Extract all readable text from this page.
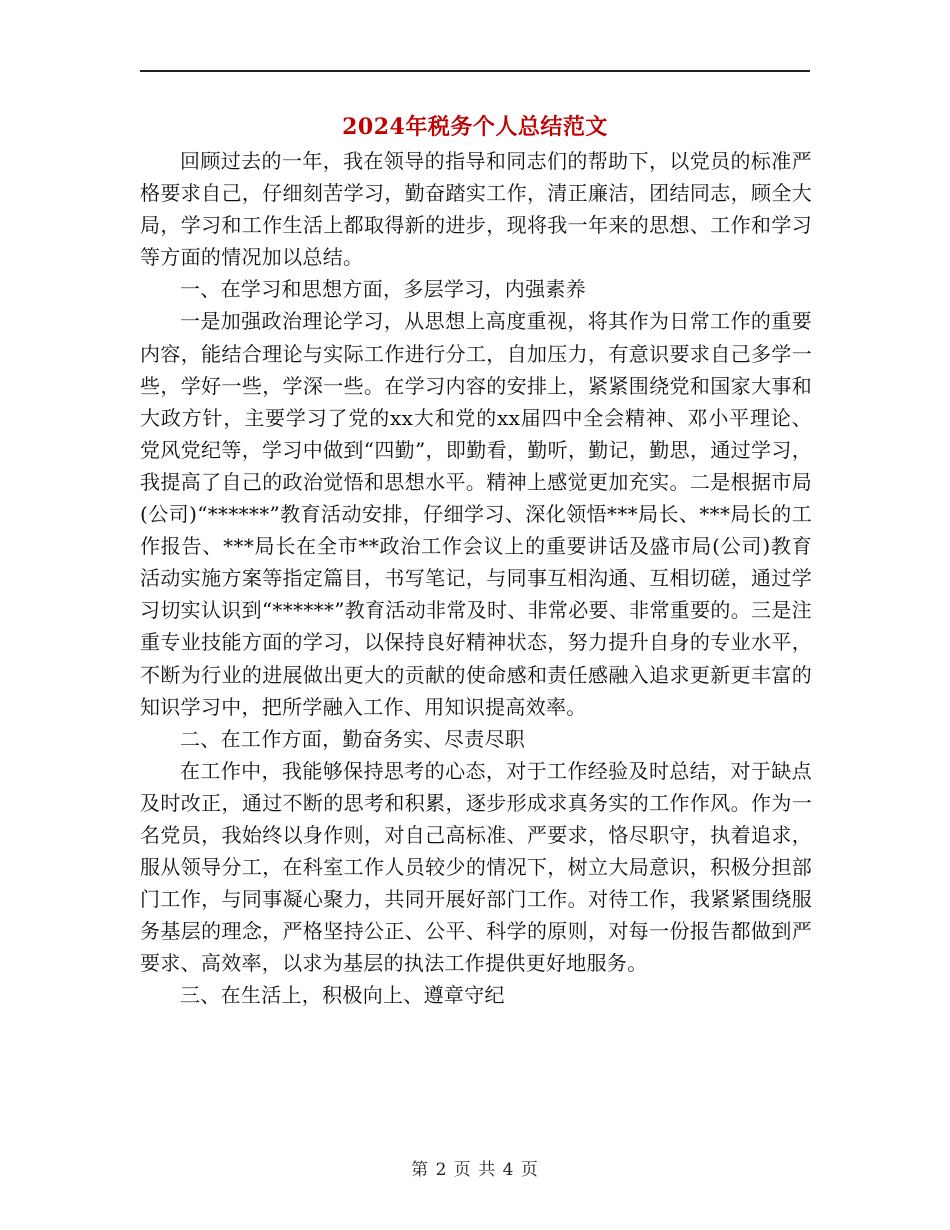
2024年税务个人总结范文

回顾过去的一年，我在领导的指导和同志们的帮助下，以党员的标准严格要求自己，仔细刻苦学习，勤奋踏实工作，清正廉洁，团结同志，顾全大局，学习和工作生活上都取得新的进步，现将我一年来的思想、工作和学习等方面的情况加以总结。

一、在学习和思想方面，多层学习，内强素养

一是加强政治理论学习，从思想上高度重视，将其作为日常工作的重要内容，能结合理论与实际工作进行分工，自加压力，有意识要求自己多学一些，学好一些，学深一些。在学习内容的安排上，紧紧围绕党和国家大事和大政方针，主要学习了党的xx大和党的xx届四中全会精神、邓小平理论、党风党纪等，学习中做到“四勤”，即勤看，勤听，勤记，勤思，通过学习，我提高了自己的政治觉悟和思想水平。精神上感觉更加充实。二是根据市局(公司)“******”教育活动安排，仔细学习、深化领悟***局长、***局长的工作报告、***局长在全市**政治工作会议上的重要讲话及盛市局(公司)教育活动实施方案等指定篇目，书写笔记，与同事互相沟通、互相切磋，通过学习切实认识到“******”教育活动非常及时、非常必要、非常重要的。三是注重专业技能方面的学习，以保持良好精神状态，努力提升自身的专业水平，不断为行业的进展做出更大的贡献的使命感和责任感融入追求更新更丰富的知识学习中，把所学融入工作、用知识提高效率。

二、在工作方面，勤奋务实、尽责尽职

在工作中，我能够保持思考的心态，对于工作经验及时总结，对于缺点及时改正，通过不断的思考和积累，逐步形成求真务实的工作作风。作为一名党员，我始终以身作则，对自己高标准、严要求，恪尽职守，执着追求，服从领导分工，在科室工作人员较少的情况下，树立大局意识，积极分担部门工作，与同事凝心聚力，共同开展好部门工作。对待工作，我紧紧围绕服务基层的理念，严格坚持公正、公平、科学的原则，对每一份报告都做到严要求、高效率，以求为基层的执法工作提供更好地服务。

三、在生活上，积极向上、遵章守纪

第 2 页 共 4 页
